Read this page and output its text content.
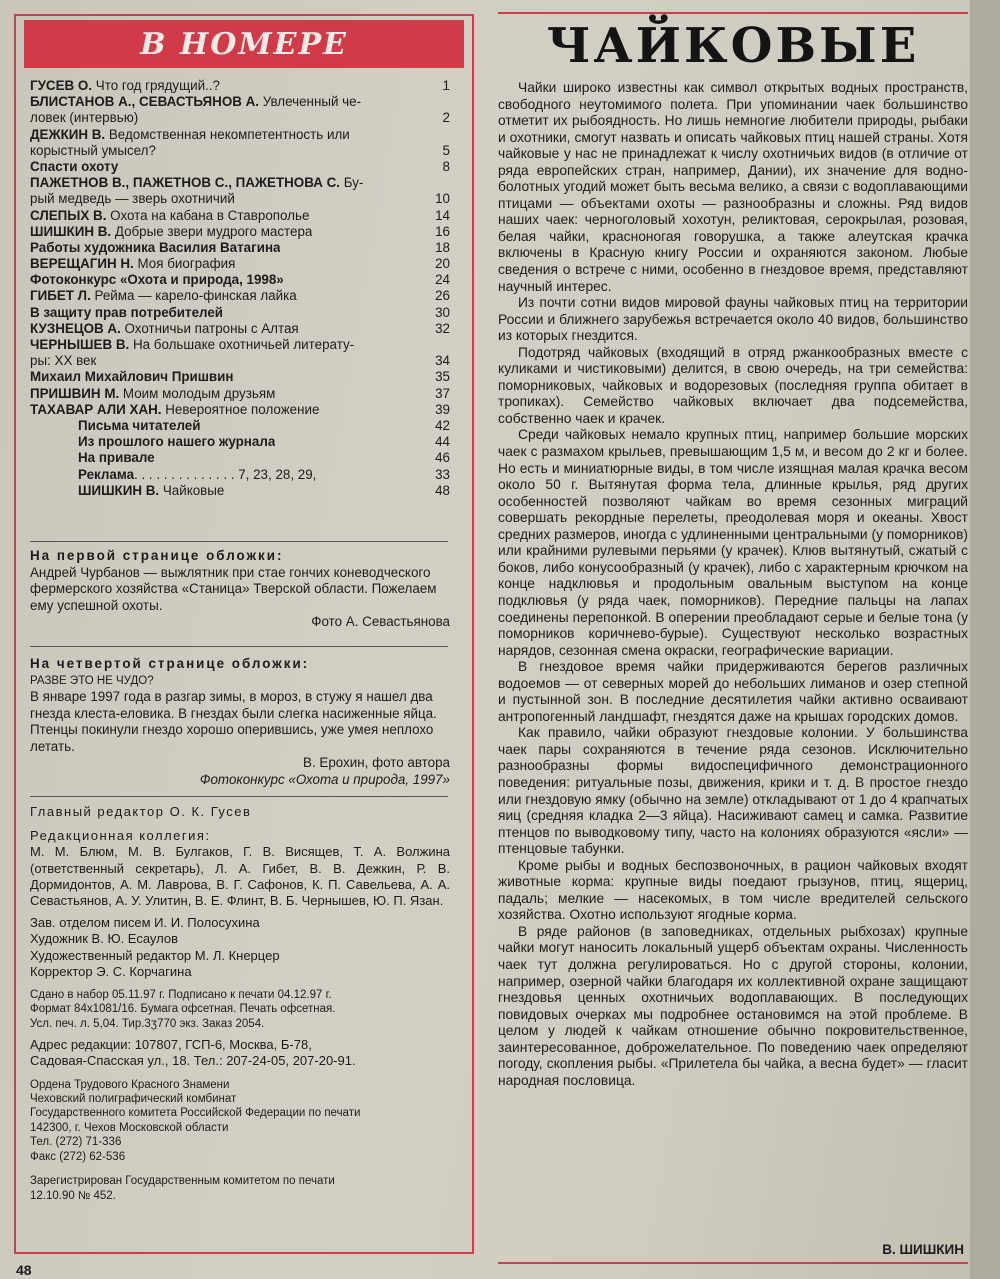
В НОМЕРЕ
ГУСЕВ О. Что год грядущий..?	1
БЛИСТАНОВ А., СЕВАСТЬЯНОВ А. Увлеченный че-
ловек (интервью)	2
ДЕЖКИН В. Ведомственная некомпетентность или
корыстный умысел?	5
Спасти охоту	8
ПАЖЕТНОВ В., ПАЖЕТНОВ С., ПАЖЕТНОВА С. Бу-
рый медведь — зверь охотничий	10
СЛЕПЫХ В. Охота на кабана в Ставрополье	14
ШИШКИН В. Добрые звери мудрого мастера	16
Работы художника Василия Ватагина	18
ВЕРЕЩАГИН Н. Моя биография	20
Фотоконкурс «Охота и природа, 1998»	24
ГИБЕТ Л. Рейма — карело-финская лайка	26
В защиту прав потребителей	30
КУЗНЕЦОВ А. Охотничьи патроны с Алтая	32
ЧЕРНЫШЕВ В. На большаке охотничьей литерату-
ры: XX век	34
Михаил Михайлович Пришвин	35
ПРИШВИН М. Моим молодым друзьям	37
ТАХАВАР АЛИ ХАН. Невероятное положение	39
Письма читателей	42
Из прошлого нашего журнала	44
На привале	46
Реклама. . . . . . . . . . . . . . 7, 23, 28, 29,	33
ШИШКИН В. Чайковые	48
На первой странице обложки:
Андрей Чурбанов — выжлятник при стае гончих коневодческого фермерского хозяйства «Станица» Тверской области. Пожелаем ему успешной охоты.
Фото А. Севастьянова
На четвертой странице обложки:
РАЗВЕ ЭТО НЕ ЧУДО?
В январе 1997 года в разгар зимы, в мороз, в стужу я нашел два гнезда клеста-еловика. В гнездах были слегка насиженные яйца. Птенцы покинули гнездо хорошо оперившись, уже умея неплохо летать.
В. Ерохин, фото автора
Фотоконкурс «Охота и природа, 1997»
Главный редактор О. К. Гусев
Редакционная коллегия:
М. М. Блюм, М. В. Булгаков, Г. В. Висящев, Т. А. Волжина (ответственный секретарь), Л. А. Гибет, В. В. Дежкин, Р. В. Дормидонтов, А. М. Лаврова, В. Г. Сафонов, К. П. Савельева, А. А. Севастьянов, А. У. Улитин, В. Е. Флинт, В. Б. Чернышев, Ю. П. Язан.
Зав. отделом писем И. И. Полосухина
Художник В. Ю. Есаулов
Художественный редактор М. Л. Кнерцер
Корректор Э. С. Корчагина
Сдано в набор 05.11.97 г. Подписано к печати 04.12.97 г.
Формат 84x1081/16. Бумага офсетная. Печать офсетная.
Усл. печ. л. 5,04. Тир.3ʒ770 экз. Заказ 2054.
Адрес редакции: 107807, ГСП-6, Москва, Б-78,
Садовая-Спасская ул., 18. Тел.: 207-24-05, 207-20-91.
Ордена Трудового Красного Знамени
Чеховский полиграфический комбинат
Государственного комитета Российской Федерации по печати
142300, г. Чехов Московской области
Тел. (272) 71-336
Факс (272) 62-536
Зарегистрирован Государственным комитетом по печати
12.10.90 № 452.
ЧАЙКОВЫЕ

Чайки широко известны как символ открытых водных пространств, свободного неутомимого полета. При упоминании чаек большинство отметит их рыбоядность. Но лишь немногие любители природы, рыбаки и охотники, смогут назвать и описать чайковых птиц нашей страны. Хотя чайковые у нас не принадлежат к числу охотничьих видов (в отличие от ряда европейских стран, например, Дании), их значение для водно-болотных угодий может быть весьма велико, а связи с водоплавающими птицами — объектами охоты — разнообразны и сложны. Ряд видов наших чаек: черноголовый хохотун, реликтовая, серокрылая, розовая, белая чайки, красноногая говорушка, а также алеутская крачка включены в Красную книгу России и охраняются законом. Любые сведения о встрече с ними, особенно в гнездовое время, представляют научный интерес.

Из почти сотни видов мировой фауны чайковых птиц на территории России и ближнего зарубежья встречается около 40 видов, большинство из которых гнездится.

Подотряд чайковых (входящий в отряд ржанкообразных вместе с куликами и чистиковыми) делится, в свою очередь, на три семейства: поморниковых, чайковых и водорезовых (последняя группа обитает в тропиках). Семейство чайковых включает два подсемейства, собственно чаек и крачек.

Среди чайковых немало крупных птиц, например большие морских чаек с размахом крыльев, превышающим 1,5 м, и весом до 2 кг и более. Но есть и миниатюрные виды, в том числе изящная малая крачка весом около 50 г. Вытянутая форма тела, длинные крылья, ряд других особенностей позволяют чайкам во время сезонных миграций совершать рекордные перелеты, преодолевая моря и океаны. Хвост средних размеров, иногда с удлиненными центральными (у поморников) или крайними рулевыми перьями (у крачек). Клюв вытянутый, сжатый с боков, либо конусообразный (у крачек), либо с характерным крючком на конце надклювья и продольным овальным выступом на конце подклювья (у ряда чаек, поморников). Передние пальцы на лапах соединены перепонкой. В оперении преобладают серые и белые тона (у поморников коричнево-бурые). Существуют несколько возрастных нарядов, сезонная смена окраски, географические вариации.

В гнездовое время чайки придерживаются берегов различных водоемов — от северных морей до небольших лиманов и озер степной и пустынной зон. В последние десятилетия чайки активно осваивают антропогенный ландшафт, гнездятся даже на крышах городских домов.

Как правило, чайки образуют гнездовые колонии. У большинства чаек пары сохраняются в течение ряда сезонов. Исключительно разнообразны формы видоспецифичного демонстрационного поведения: ритуальные позы, движения, крики и т. д. В простое гнездо или гнездовую ямку (обычно на земле) откладывают от 1 до 4 крапчатых яиц (средняя кладка 2—3 яйца). Насиживают самец и самка. Развитие птенцов по выводковому типу, часто на колониях образуются «ясли» — птенцовые табунки.

Кроме рыбы и водных беспозвоночных, в рацион чайковых входят животные корма: крупные виды поедают грызунов, птиц, ящериц, падаль; мелкие — насекомых, в том числе вредителей сельского хозяйства. Охотно используют ягодные корма.

В ряде районов (в заповедниках, отдельных рыбхозах) крупные чайки могут наносить локальный ущерб объектам охраны. Численность чаек тут должна регулироваться. Но с другой стороны, колонии, например, озерной чайки благодаря их коллективной охране защищают гнездовья ценных охотничьих водоплавающих. В последующих повидовых очерках мы подробнее остановимся на этой проблеме. В целом у людей к чайкам отношение обычно покровительственное, заинтересованное, доброжелательное. По поведению чаек определяют погоду, скопления рыбы. «Прилетела бы чайка, а весна будет» — гласит народная пословица.

В. ШИШКИН
48
